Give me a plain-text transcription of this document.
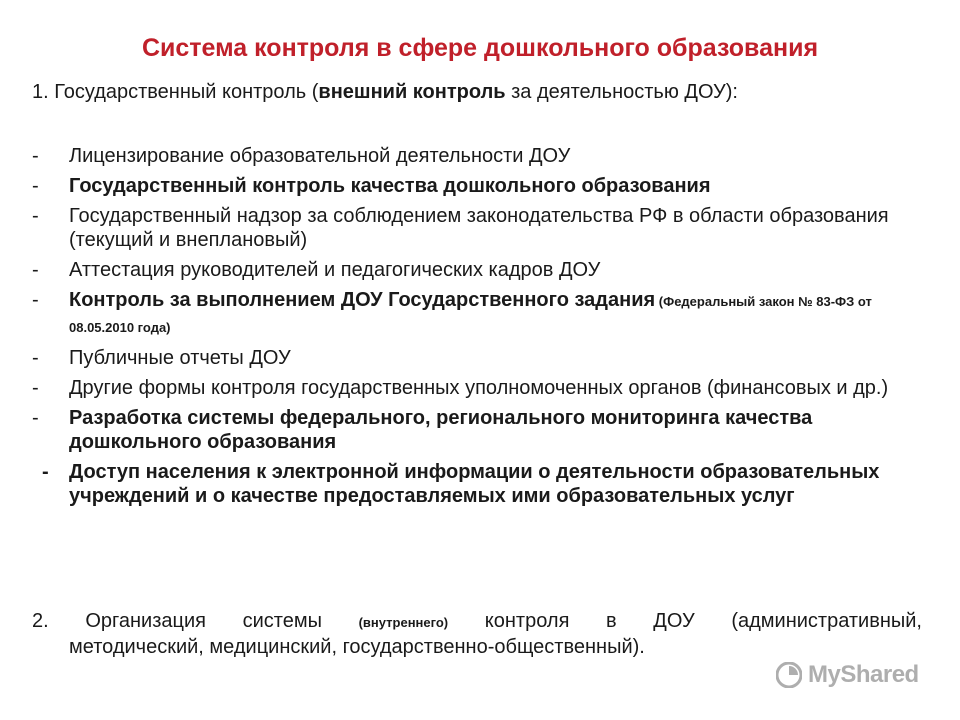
Система контроля в сфере дошкольного образования
1. Государственный контроль (внешний контроль за деятельностью ДОУ):
- Лицензирование образовательной деятельности ДОУ
- Государственный контроль качества дошкольного образования
- Государственный надзор за соблюдением законодательства РФ в области образования (текущий и внеплановый)
- Аттестация руководителей и педагогических кадров ДОУ
- Контроль за выполнением ДОУ Государственного задания (Федеральный закон № 83-ФЗ от 08.05.2010 года)
- Публичные отчеты ДОУ
- Другие формы контроля государственных уполномоченных органов (финансовых и др.)
- Разработка системы федерального, регионального мониторинга качества дошкольного образования
- Доступ населения к электронной информации о деятельности образовательных учреждений и о качестве предоставляемых ими образовательных услуг
2. Организация системы (внутреннего) контроля в ДОУ (административный,
методический, медицинский, государственно-общественный).
MyShared
